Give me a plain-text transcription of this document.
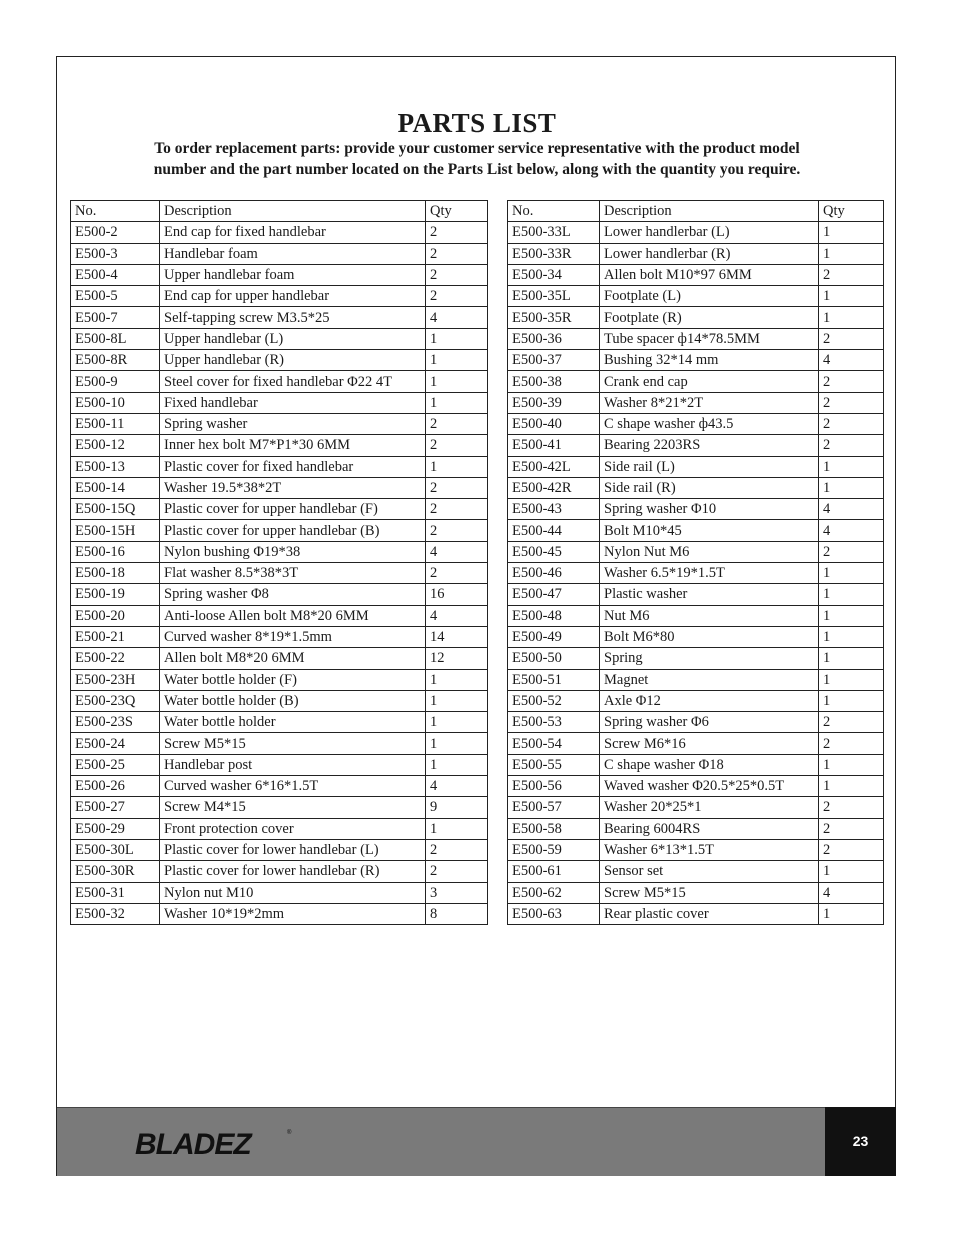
PARTS LIST
To order replacement parts: provide your customer service representative with the product model
number and the part number located on the Parts List below, along with the quantity you require.
No.	Description	Qty
E500-2	End cap for fixed handlebar	2
E500-3	Handlebar foam	2
E500-4	Upper handlebar foam	2
E500-5	End cap for upper handlebar	2
E500-7	Self-tapping screw M3.5*25	4
E500-8L	Upper handlebar (L)	1
E500-8R	Upper handlebar (R)	1
E500-9	Steel cover for fixed handlebar Φ22 4T	1
E500-10	Fixed handlebar	1
E500-11	Spring washer	2
E500-12	Inner hex bolt M7*P1*30 6MM	2
E500-13	Plastic cover for fixed handlebar	1
E500-14	Washer 19.5*38*2T	2
E500-15Q	Plastic cover for upper handlebar (F)	2
E500-15H	Plastic cover for upper handlebar (B)	2
E500-16	Nylon bushing Φ19*38	4
E500-18	Flat washer 8.5*38*3T	2
E500-19	Spring washer Φ8	16
E500-20	Anti-loose Allen bolt M8*20 6MM	4
E500-21	Curved washer 8*19*1.5mm	14
E500-22	Allen bolt M8*20 6MM	12
E500-23H	Water bottle holder (F)	1
E500-23Q	Water bottle holder (B)	1
E500-23S	Water bottle holder	1
E500-24	Screw M5*15	1
E500-25	Handlebar post	1
E500-26	Curved washer 6*16*1.5T	4
E500-27	Screw M4*15	9
E500-29	Front protection cover	1
E500-30L	Plastic cover for lower handlebar (L)	2
E500-30R	Plastic cover for lower handlebar (R)	2
E500-31	Nylon nut M10	3
E500-32	Washer 10*19*2mm	8
No.	Description	Qty
E500-33L	Lower handlerbar (L)	1
E500-33R	Lower handlerbar (R)	1
E500-34	Allen bolt M10*97 6MM	2
E500-35L	Footplate (L)	1
E500-35R	Footplate (R)	1
E500-36	Tube spacer ф14*78.5MM	2
E500-37	Bushing 32*14 mm	4
E500-38	Crank end cap	2
E500-39	Washer 8*21*2T	2
E500-40	C shape washer ф43.5	2
E500-41	Bearing 2203RS	2
E500-42L	Side rail (L)	1
E500-42R	Side rail (R)	1
E500-43	Spring washer Φ10	4
E500-44	Bolt M10*45	4
E500-45	Nylon Nut M6	2
E500-46	Washer 6.5*19*1.5T	1
E500-47	Plastic washer	1
E500-48	Nut M6	1
E500-49	Bolt M6*80	1
E500-50	Spring	1
E500-51	Magnet	1
E500-52	Axle Φ12	1
E500-53	Spring washer Φ6	2
E500-54	Screw M6*16	2
E500-55	C shape washer Φ18	1
E500-56	Waved washer Φ20.5*25*0.5T	1
E500-57	Washer 20*25*1	2
E500-58	Bearing 6004RS	2
E500-59	Washer 6*13*1.5T	2
E500-61	Sensor set	1
E500-62	Screw M5*15	4
E500-63	Rear plastic cover	1
BLADEZ	®	23
